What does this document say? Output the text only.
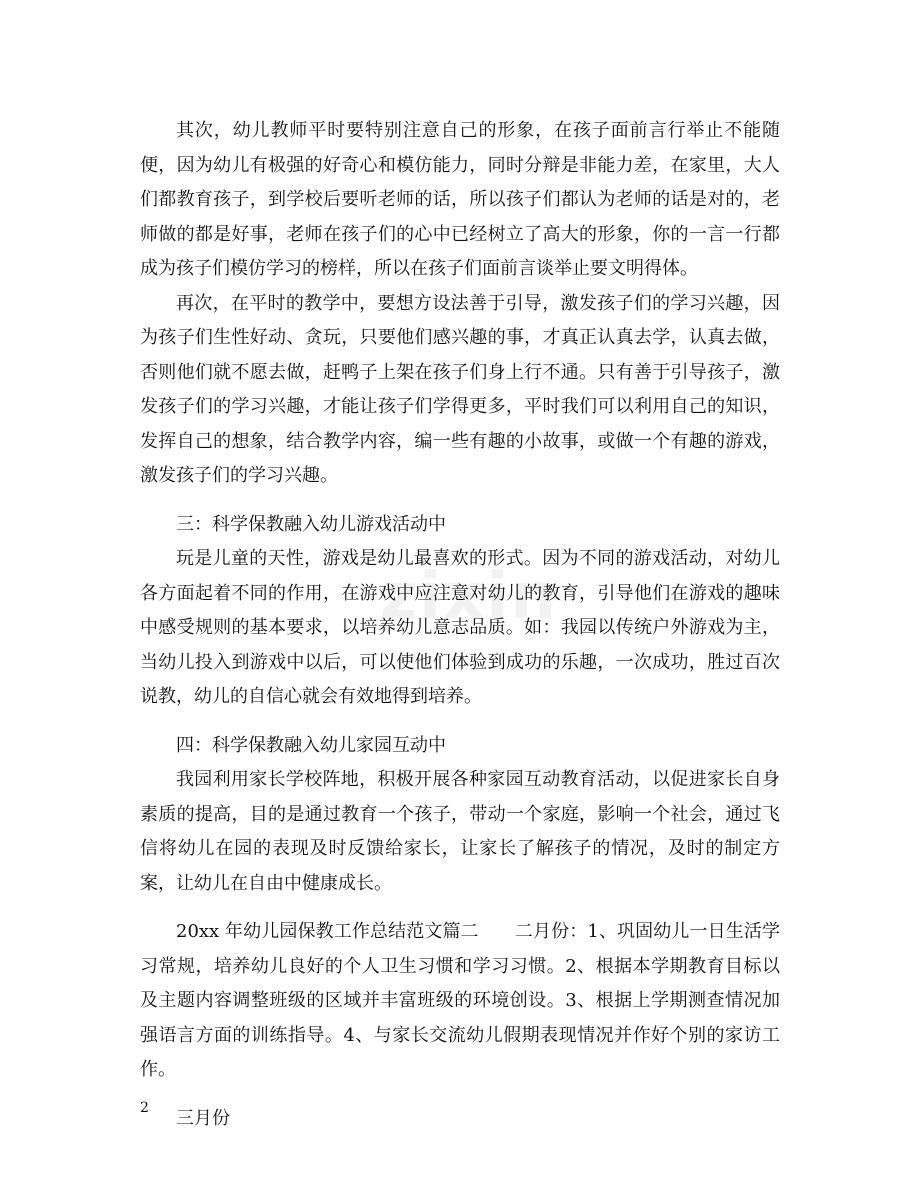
zixin

其次，幼儿教师平时要特别注意自己的形象，在孩子面前言行举止不能随便，因为幼儿有极强的好奇心和模仿能力，同时分辩是非能力差，在家里，大人们都教育孩子，到学校后要听老师的话，所以孩子们都认为老师的话是对的，老师做的都是好事，老师在孩子们的心中已经树立了高大的形象，你的一言一行都成为孩子们模仿学习的榜样，所以在孩子们面前言谈举止要文明得体。

再次，在平时的教学中，要想方设法善于引导，激发孩子们的学习兴趣，因为孩子们生性好动、贪玩，只要他们感兴趣的事，才真正认真去学，认真去做，否则他们就不愿去做，赶鸭子上架在孩子们身上行不通。只有善于引导孩子，激发孩子们的学习兴趣，才能让孩子们学得更多，平时我们可以利用自己的知识，发挥自己的想象，结合教学内容，编一些有趣的小故事，或做一个有趣的游戏，激发孩子们的学习兴趣。

三：科学保教融入幼儿游戏活动中

玩是儿童的天性，游戏是幼儿最喜欢的形式。因为不同的游戏活动，对幼儿各方面起着不同的作用，在游戏中应注意对幼儿的教育，引导他们在游戏的趣味中感受规则的基本要求，以培养幼儿意志品质。如：我园以传统户外游戏为主，当幼儿投入到游戏中以后，可以使他们体验到成功的乐趣，一次成功，胜过百次说教，幼儿的自信心就会有效地得到培养。

四：科学保教融入幼儿家园互动中

我园利用家长学校阵地，积极开展各种家园互动教育活动，以促进家长自身素质的提高，目的是通过教育一个孩子，带动一个家庭，影响一个社会，通过飞信将幼儿在园的表现及时反馈给家长，让家长了解孩子的情况，及时的制定方案，让幼儿在自由中健康成长。

20xx 年幼儿园保教工作总结范文篇二　　二月份：1、巩固幼儿一日生活学习常规，培养幼儿良好的个人卫生习惯和学习习惯。2、根据本学期教育目标以及主题内容调整班级的区域并丰富班级的环境创设。3、根据上学期测查情况加强语言方面的训练指导。4、与家长交流幼儿假期表现情况并作好个别的家访工作。

三月份

2
